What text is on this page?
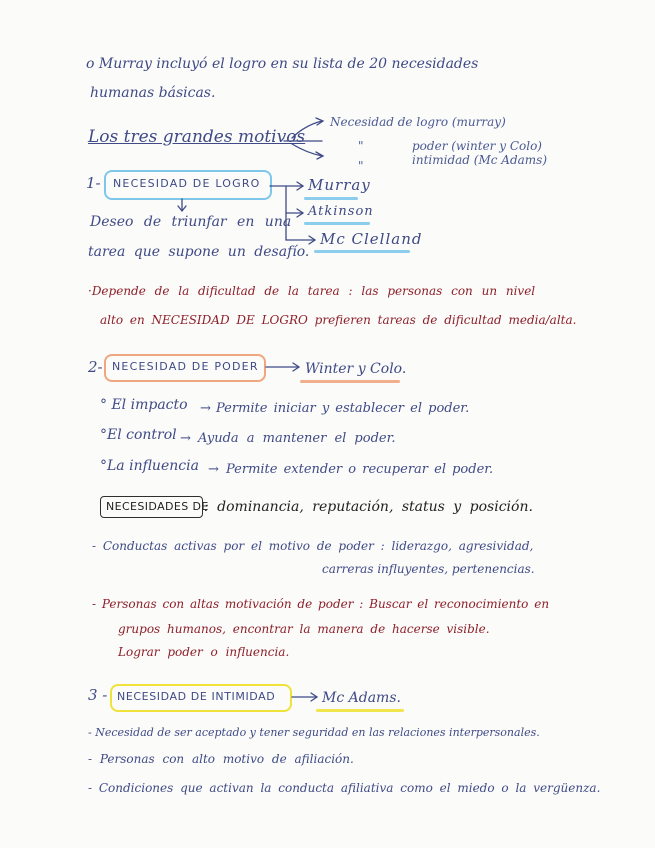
o Murray incluyó el logro en su lista de 20 necesidades
humanas básicas.
Los tres grandes motivos
Necesidad de logro (murray)
"	poder (winter y Colo)
"	intimidad (Mc Adams)
1- NECESIDAD DE LOGRO	Murray
Atkinson
Mc Clelland
Deseo de triunfar en una
tarea que supone un desafío.
·Depende de la dificultad de la tarea : las personas con un nivel
alto en NECESIDAD DE LOGRO prefieren tareas de dificultad media/alta.
2- NECESIDAD DE PODER	Winter y Colo.
° El impacto → Permite iniciar y establecer el poder.
°El control → Ayuda a mantener el poder.
°La influencia → Permite extender o recuperar el poder.
NECESIDADES DE
: dominancia, reputación, status y posición.
- Conductas activas por el motivo de poder : liderazgo, agresividad,
carreras influyentes, pertenencias.
- Personas con altas motivación de poder : Buscar el reconocimiento en
grupos humanos, encontrar la manera de hacerse visible.
Lograr poder o influencia.
3 - NECESIDAD DE INTIMIDAD	Mc Adams.
- Necesidad de ser aceptado y tener seguridad en las relaciones interpersonales.
- Personas con alto motivo de afiliación.
- Condiciones que activan la conducta afiliativa como el miedo o la vergüenza.
